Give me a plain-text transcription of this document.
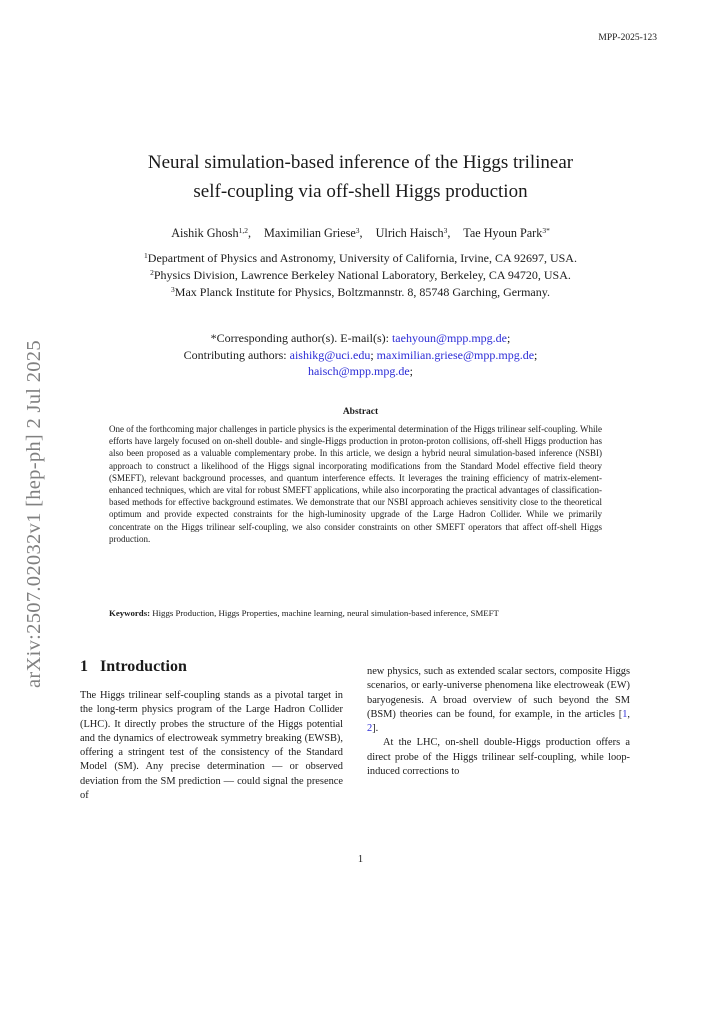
MPP-2025-123
arXiv:2507.02032v1 [hep-ph] 2 Jul 2025
Neural simulation-based inference of the Higgs trilinear
self-coupling via off-shell Higgs production
Aishik Ghosh$^{1,2}$, Maximilian Griese$^3$, Ulrich Haisch$^3$, Tae Hyoun Park$^{3*}$
$^1$Department of Physics and Astronomy, University of California, Irvine, CA 92697, USA.
$^2$Physics Division, Lawrence Berkeley National Laboratory, Berkeley, CA 94720, USA.
$^3$Max Planck Institute for Physics, Boltzmannstr. 8, 85748 Garching, Germany.
*Corresponding author(s). E-mail(s): taehyoun@mpp.mpg.de;
Contributing authors: aishikg@uci.edu; maximilian.griese@mpp.mpg.de;
haisch@mpp.mpg.de;
Abstract
One of the forthcoming major challenges in particle physics is the experimental determination of the Higgs trilinear self-coupling. While efforts have largely focused on on-shell double- and single-Higgs production in proton-proton collisions, off-shell Higgs production has also been proposed as a valuable complementary probe. In this article, we design a hybrid neural simulation-based inference (NSBI) approach to construct a likelihood of the Higgs signal incorporating modifications from the Standard Model effective field theory (SMEFT), relevant background processes, and quantum interference effects. It leverages the training efficiency of matrix-element-enhanced techniques, which are vital for robust SMEFT applications, while also incorporating the practical advantages of classification-based methods for effective background estimates. We demonstrate that our NSBI approach achieves sensitivity close to the theoretical optimum and provide expected constraints for the high-luminosity upgrade of the Large Hadron Collider. While we primarily concentrate on the Higgs trilinear self-coupling, we also consider constraints on other SMEFT operators that affect off-shell Higgs production.
Keywords: Higgs Production, Higgs Properties, machine learning, neural simulation-based inference, SMEFT
1 Introduction
The Higgs trilinear self-coupling stands as a pivotal target in the long-term physics program of the Large Hadron Collider (LHC). It directly probes the structure of the Higgs potential and the dynamics of electroweak symmetry breaking (EWSB), offering a stringent test of the consistency of the Standard Model (SM). Any precise determination — or observed deviation from the SM prediction — could signal the presence of
new physics, such as extended scalar sectors, composite Higgs scenarios, or early-universe phenomena like electroweak (EW) baryogenesis. A broad overview of such beyond the SM (BSM) theories can be found, for example, in the articles [1, 2].
At the LHC, on-shell double-Higgs production offers a direct probe of the Higgs trilinear self-coupling, while loop-induced corrections to
1
